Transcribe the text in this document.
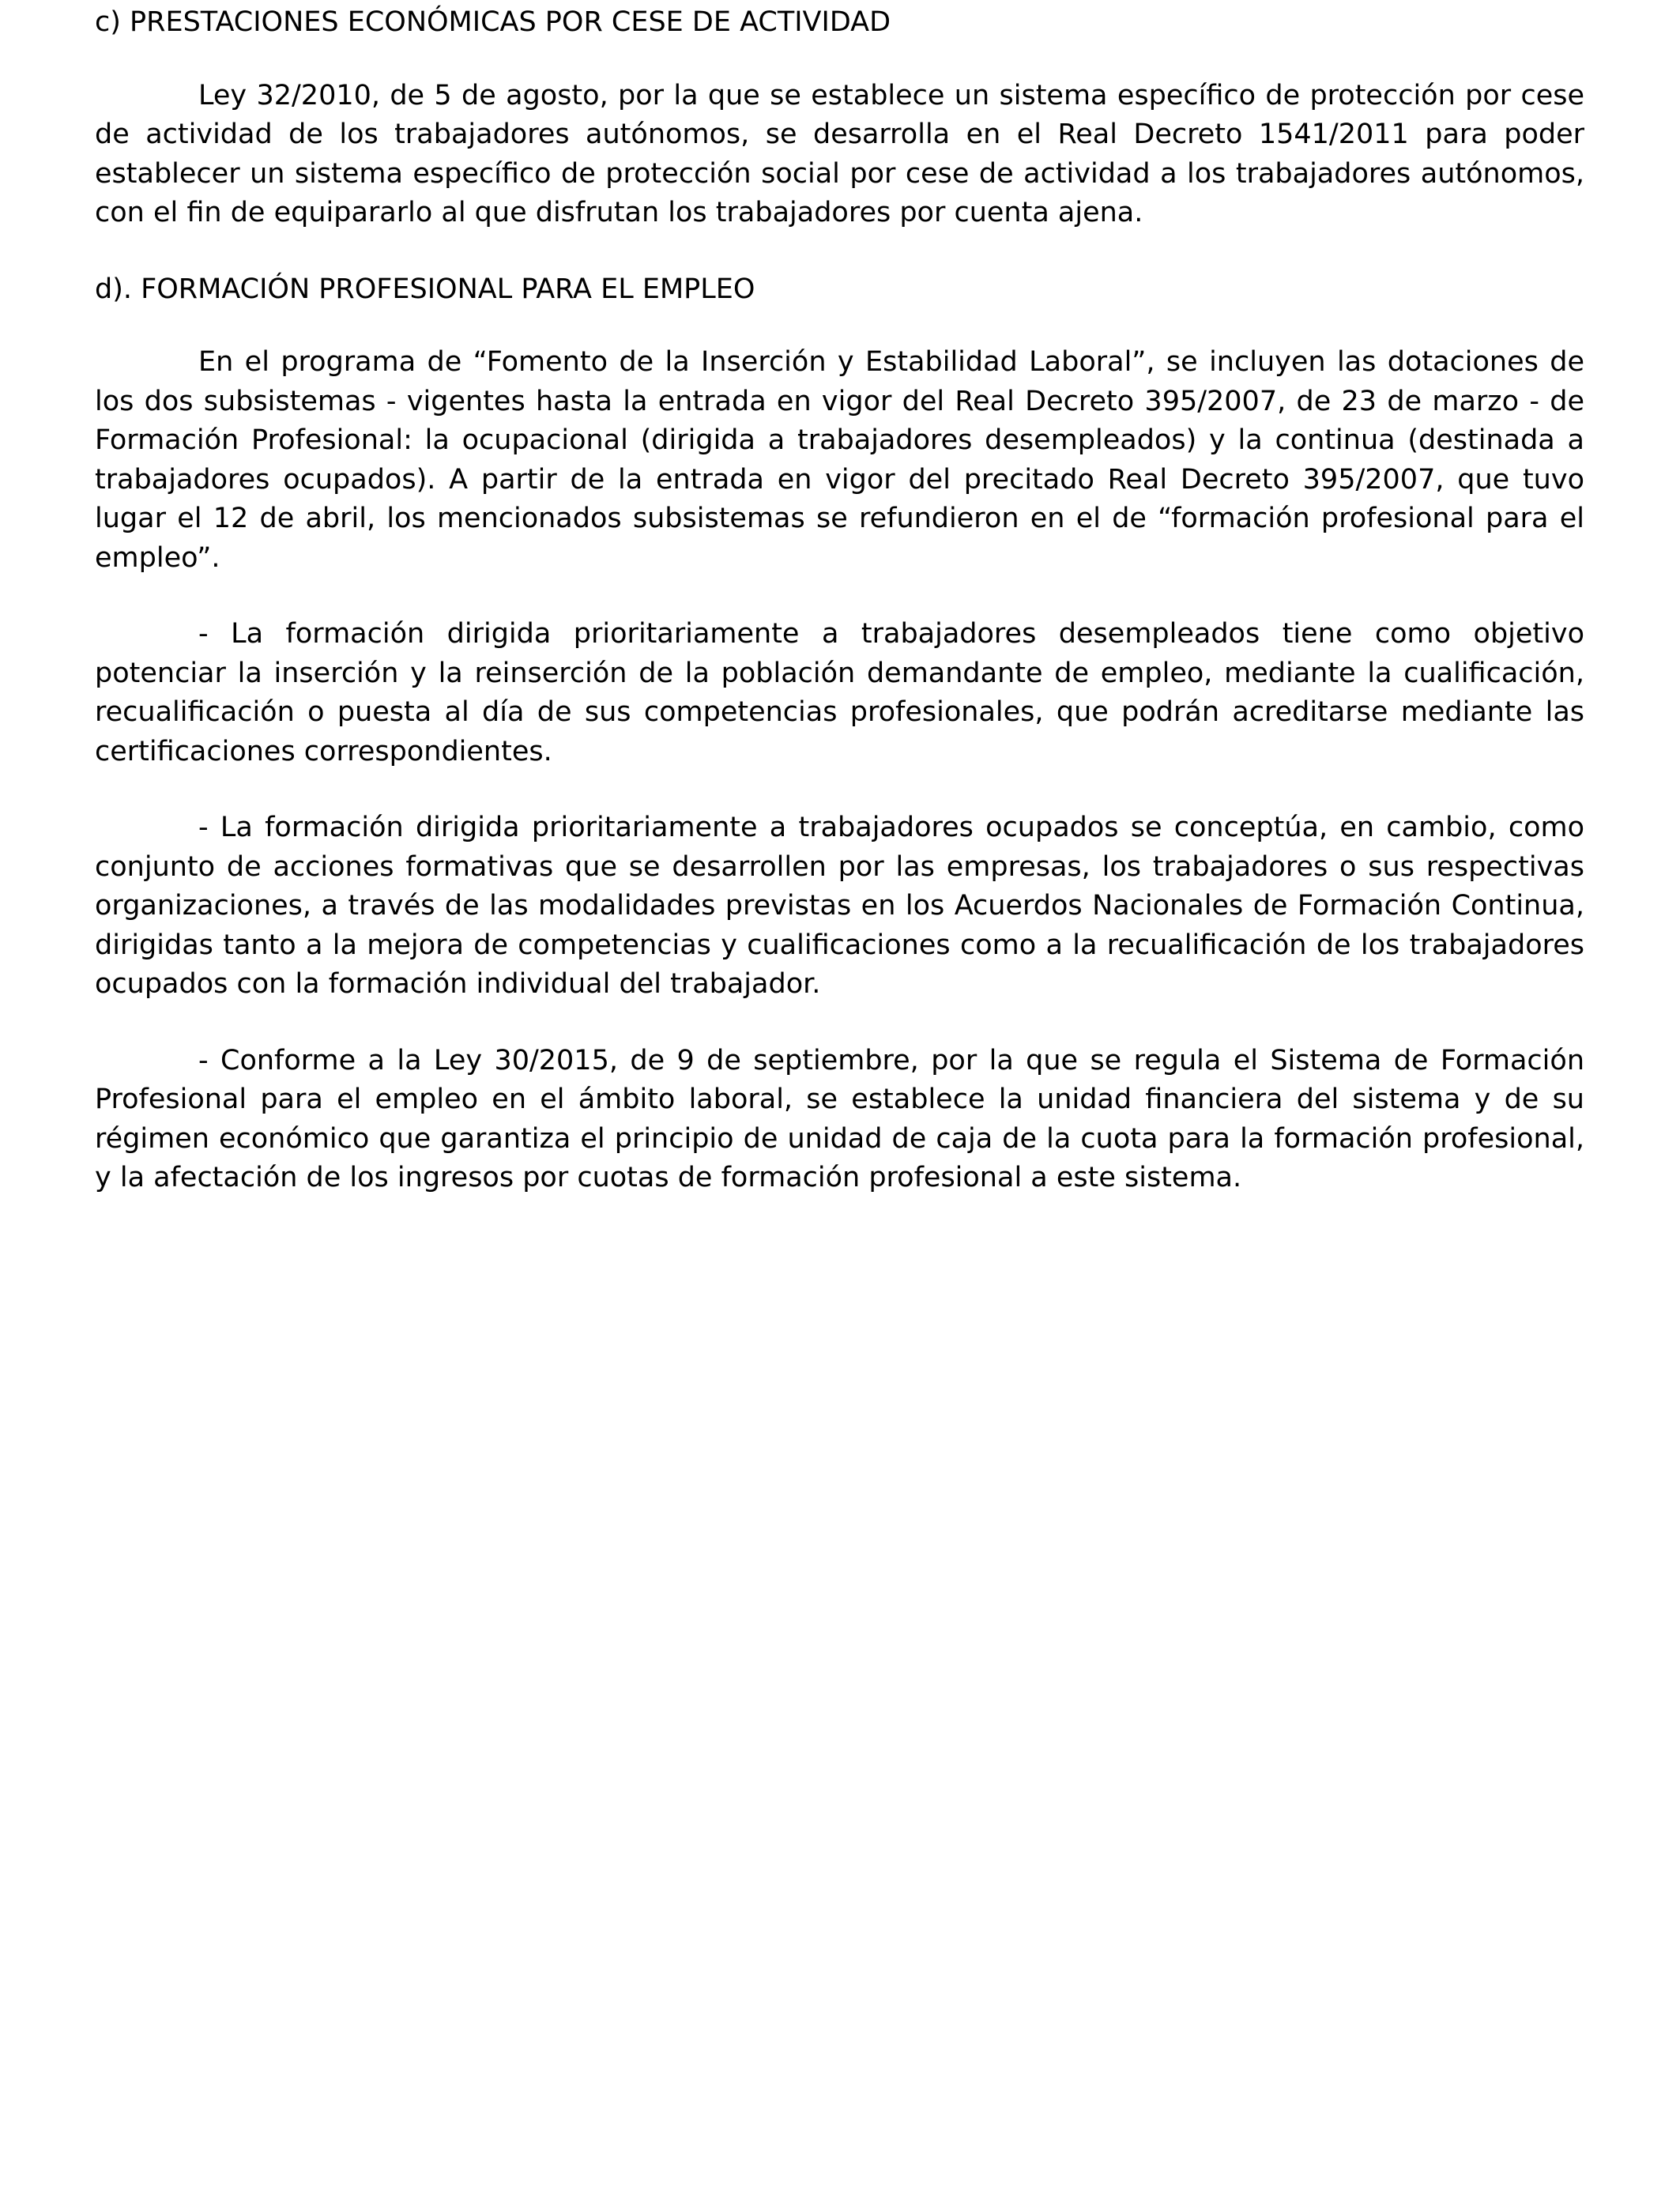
c) PRESTACIONES ECONÓMICAS POR CESE DE ACTIVIDAD

Ley 32/2010, de 5 de agosto, por la que se establece un sistema específico de protección por cese de actividad de los trabajadores autónomos, se desarrolla en el Real Decreto 1541/2011 para poder establecer un sistema específico de protección social por cese de actividad a los trabajadores autónomos, con el fin de equipararlo al que disfrutan los trabajadores por cuenta ajena.

d). FORMACIÓN PROFESIONAL PARA EL EMPLEO

En el programa de “Fomento de la Inserción y Estabilidad Laboral”, se incluyen las dotaciones de los dos subsistemas - vigentes hasta la entrada en vigor del Real Decreto 395/2007, de 23 de marzo - de Formación Profesional: la ocupacional (dirigida a trabajadores desempleados) y la continua (destinada a trabajadores ocupados). A partir de la entrada en vigor del precitado Real Decreto 395/2007, que tuvo lugar el 12 de abril, los mencionados subsistemas se refundieron en el de “formación profesional para el empleo”.

- La formación dirigida prioritariamente a trabajadores desempleados tiene como objetivo potenciar la inserción y la reinserción de la población demandante de empleo, mediante la cualificación, recualificación o puesta al día de sus competencias profesionales, que podrán acreditarse mediante las certificaciones correspondientes.

- La formación dirigida prioritariamente a trabajadores ocupados se conceptúa, en cambio, como conjunto de acciones formativas que se desarrollen por las empresas, los trabajadores o sus respectivas organizaciones, a través de las modalidades previstas en los Acuerdos Nacionales de Formación Continua, dirigidas tanto a la mejora de competencias y cualificaciones como a la recualificación de los trabajadores ocupados con la formación individual del trabajador.

- Conforme a la Ley 30/2015, de 9 de septiembre, por la que se regula el Sistema de Formación Profesional para el empleo en el ámbito laboral, se establece la unidad financiera del sistema y de su régimen económico que garantiza el principio de unidad de caja de la cuota para la formación profesional, y la afectación de los ingresos por cuotas de formación profesional a este sistema.
